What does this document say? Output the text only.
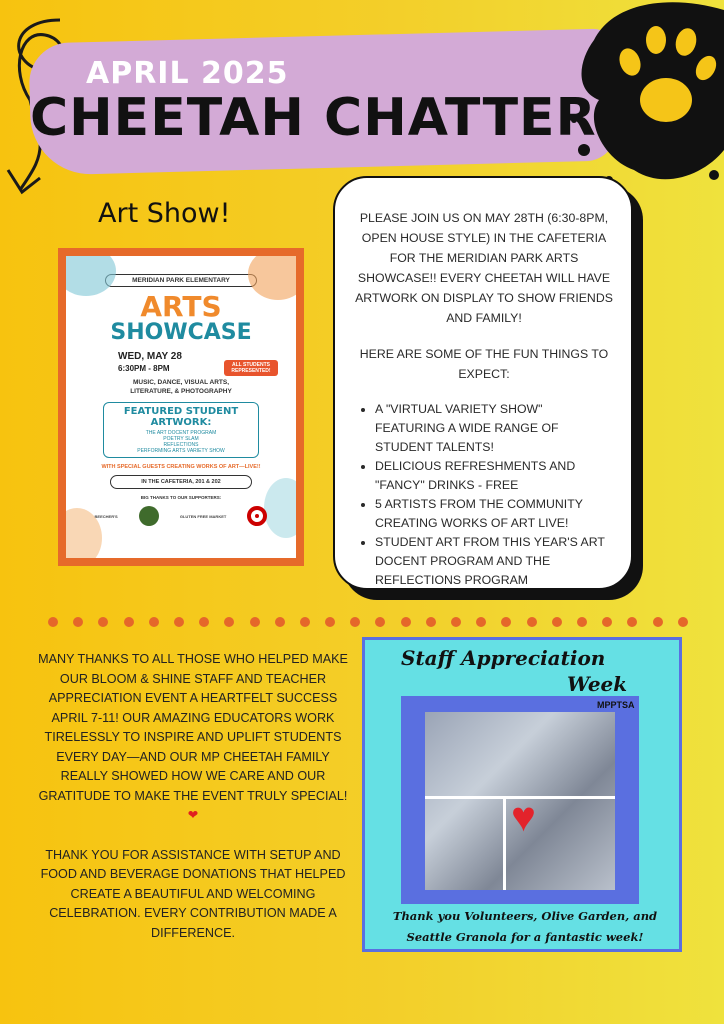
APRIL 2025
CHEETAH CHATTER
Art Show!
MERIDIAN PARK ELEMENTARY
ARTS
SHOWCASE
WED, MAY 28
6:30PM - 8PM	ALL STUDENTS REPRESENTED!
MUSIC, DANCE, VISUAL ARTS, LITERATURE, & PHOTOGRAPHY
FEATURED STUDENT ARTWORK:
THE ART DOCENT PROGRAM
POETRY SLAM
REFLECTIONS
PERFORMING ARTS VARIETY SHOW
WITH SPECIAL GUESTS CREATING WORKS OF ART—LIVE!!
IN THE CAFETERIA, 201 & 202
BIG THANKS TO OUR SUPPORTERS:
BEECHER'S	GLUTEN FREE MARKET

PLEASE JOIN US ON MAY 28TH (6:30-8PM, OPEN HOUSE STYLE) IN THE CAFETERIA FOR THE MERIDIAN PARK ARTS SHOWCASE!! EVERY CHEETAH WILL HAVE ARTWORK ON DISPLAY TO SHOW FRIENDS AND FAMILY!

HERE ARE SOME OF THE FUN THINGS TO EXPECT:

• A "VIRTUAL VARIETY SHOW" FEATURING A WIDE RANGE OF STUDENT TALENTS!
• DELICIOUS REFRESHMENTS AND "FANCY" DRINKS - FREE
• 5 ARTISTS FROM THE COMMUNITY CREATING WORKS OF ART LIVE!
• STUDENT ART FROM THIS YEAR'S ART DOCENT PROGRAM AND THE REFLECTIONS PROGRAM

MANY THANKS TO ALL THOSE WHO HELPED MAKE OUR BLOOM & SHINE STAFF AND TEACHER APPRECIATION EVENT A HEARTFELT SUCCESS APRIL 7-11! OUR AMAZING EDUCATORS WORK TIRELESSLY TO INSPIRE AND UPLIFT STUDENTS EVERY DAY—AND OUR MP CHEETAH FAMILY REALLY SHOWED HOW WE CARE AND OUR GRATITUDE TO MAKE THE EVENT TRULY SPECIAL!❤

THANK YOU FOR ASSISTANCE WITH SETUP AND FOOD AND BEVERAGE DONATIONS THAT HELPED CREATE A BEAUTIFUL AND WELCOMING CELEBRATION. EVERY CONTRIBUTION MADE A DIFFERENCE.

Staff Appreciation
Week
MPPTSA
♥
Thank you Volunteers, Olive Garden, and Seattle Granola for a fantastic week!
